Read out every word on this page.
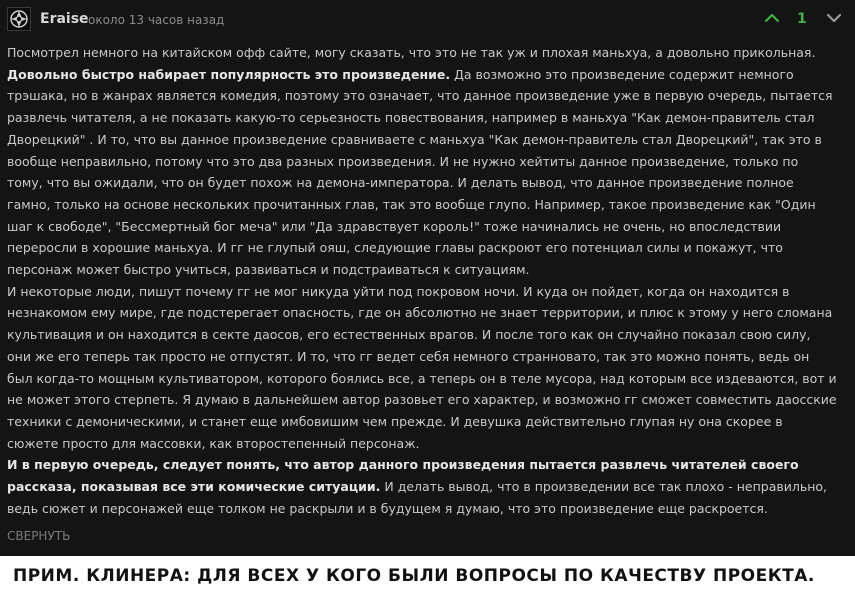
Eraise около 13 часов назад	1

Посмотрел немного на китайском офф сайте, могу сказать, что это не так уж и плохая маньхуа, а довольно прикольная. Довольно быстро набирает популярность это произведение. Да возможно это произведение содержит немного трэшака, но в жанрах является комедия, поэтому это означает, что данное произведение уже в первую очередь, пытается развлечь читателя, а не показать какую-то серьезность повествования, например в маньхуа "Как демон-правитель стал Дворецкий" . И то, что вы данное произведение сравниваете с маньхуа "Как демон-правитель стал Дворецкий", так это в вообще неправильно, потому что это два разных произведения. И не нужно хейтиты данное произведение, только по тому, что вы ожидали, что он будет похож на демона-императора. И делать вывод, что данное произведение полное гамно, только на основе нескольких прочитанных глав, так это вообще глупо. Например, такое произведение как "Один шаг к свободе", "Бессмертный бог меча" или "Да здравствует король!" тоже начинались не очень, но впоследствии переросли в хорошие маньхуа. И гг не глупый ояш, следующие главы раскроют его потенциал силы и покажут, что персонаж может быстро учиться, развиваться и подстраиваться к ситуациям.

И некоторые люди, пишут почему гг не мог никуда уйти под покровом ночи. И куда он пойдет, когда он находится в незнакомом ему мире, где подстерегает опасность, где он абсолютно не знает территории, и плюс к этому у него сломана культивация и он находится в секте даосов, его естественных врагов. И после того как он случайно показал свою силу, они же его теперь так просто не отпустят. И то, что гг ведет себя немного странновато, так это можно понять, ведь он был когда-то мощным культиватором, которого боялись все, а теперь он в теле мусора, над которым все издеваются, вот и не может этого стерпеть. Я думаю в дальнейшем автор разовьет его характер, и возможно гг сможет совместить даосские техники с демоническими, и станет еще имбовишим чем прежде. И девушка действительно глупая ну она скорее в сюжете просто для массовки, как второстепенный персонаж.

И в первую очередь, следует понять, что автор данного произведения пытается развлечь читателей своего рассказа, показывая все эти комические ситуации. И делать вывод, что в произведении все так плохо - неправильно, ведь сюжет и персонажей еще толком не раскрыли и в будущем я думаю, что это произведение еще раскроется.

СВЕРНУТЬ
ПРИМ. КЛИНЕРА: ДЛЯ ВСЕХ У КОГО БЫЛИ ВОПРОСЫ ПО КАЧЕСТВУ ПРОЕКТА.
